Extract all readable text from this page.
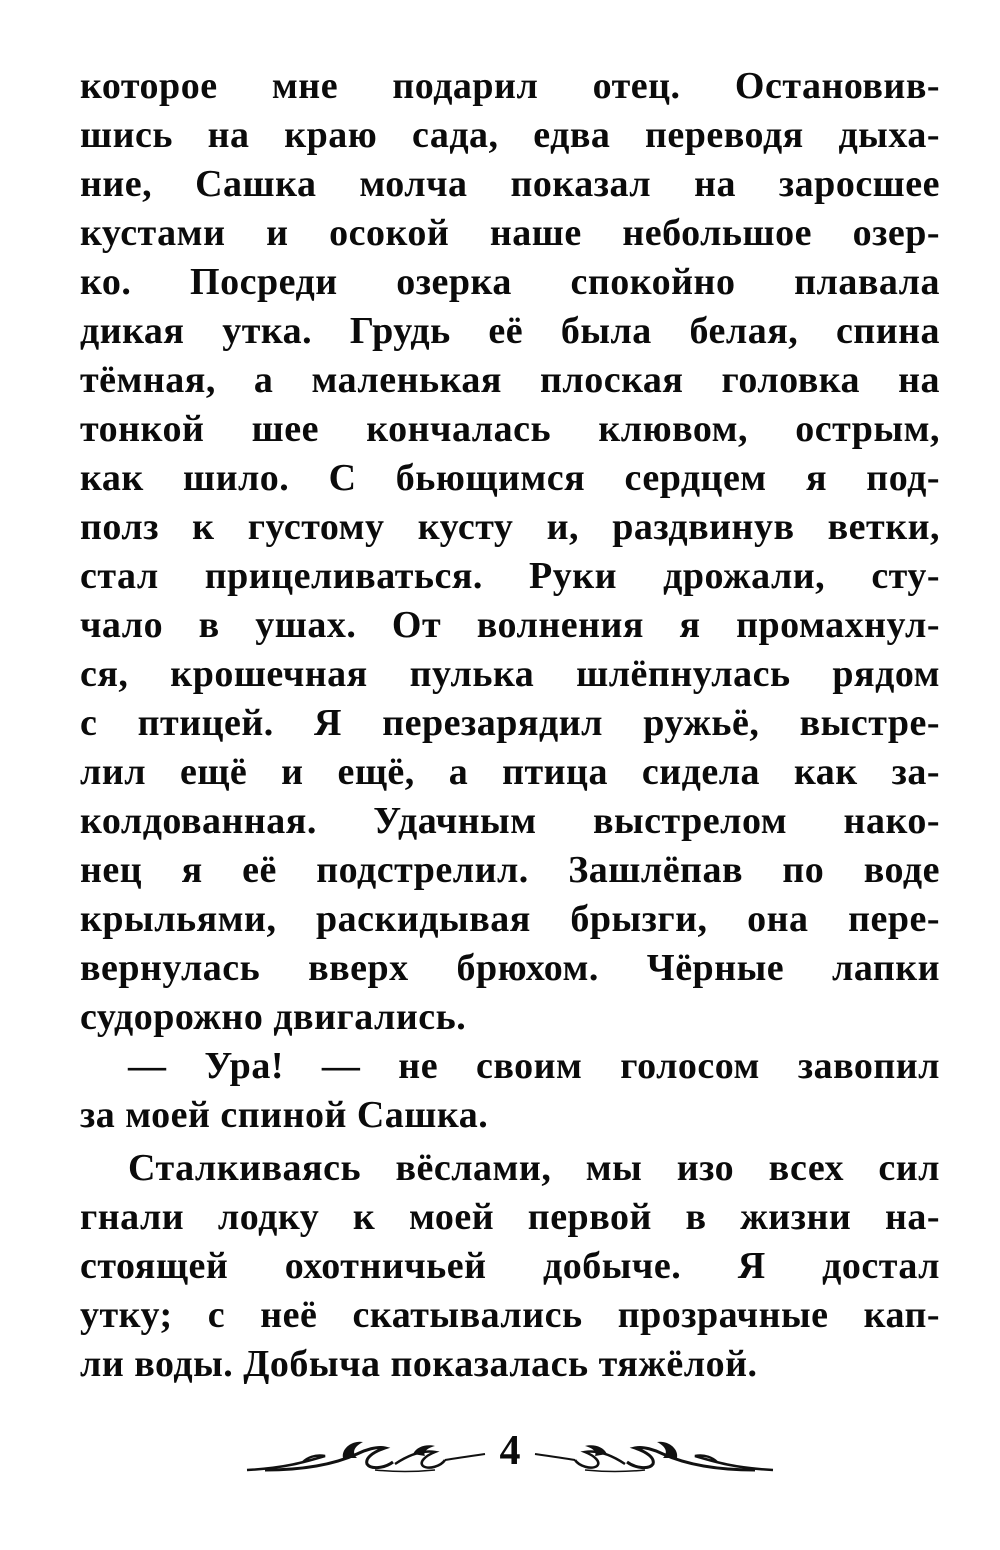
которое мне подарил отец. Остановив-
шись на краю сада, едва переводя дыха-
ние, Сашка молча показал на заросшее
кустами и осокой наше небольшое озер-
ко. Посреди озерка спокойно плавала
дикая утка. Грудь её была белая, спина
тёмная, а маленькая плоская головка на
тонкой шее кончалась клювом, острым,
как шило. С бьющимся сердцем я под-
полз к густому кусту и, раздвинув ветки,
стал прицеливаться. Руки дрожали, сту-
чало в ушах. От волнения я промахнул-
ся, крошечная пулька шлёпнулась рядом
с птицей. Я перезарядил ружьё, выстре-
лил ещё и ещё, а птица сидела как за-
колдованная. Удачным выстрелом нако-
нец я её подстрелил. Зашлёпав по воде
крыльями, раскидывая брызги, она пере-
вернулась вверх брюхом. Чёрные лапки
судорожно двигались.
— Ура! — не своим голосом завопил
за моей спиной Сашка.
Сталкиваясь вёслами, мы изо всех сил
гнали лодку к моей первой в жизни на-
стоящей охотничьей добыче. Я достал
утку; с неё скатывались прозрачные кап-
ли воды. Добыча показалась тяжёлой.
4
